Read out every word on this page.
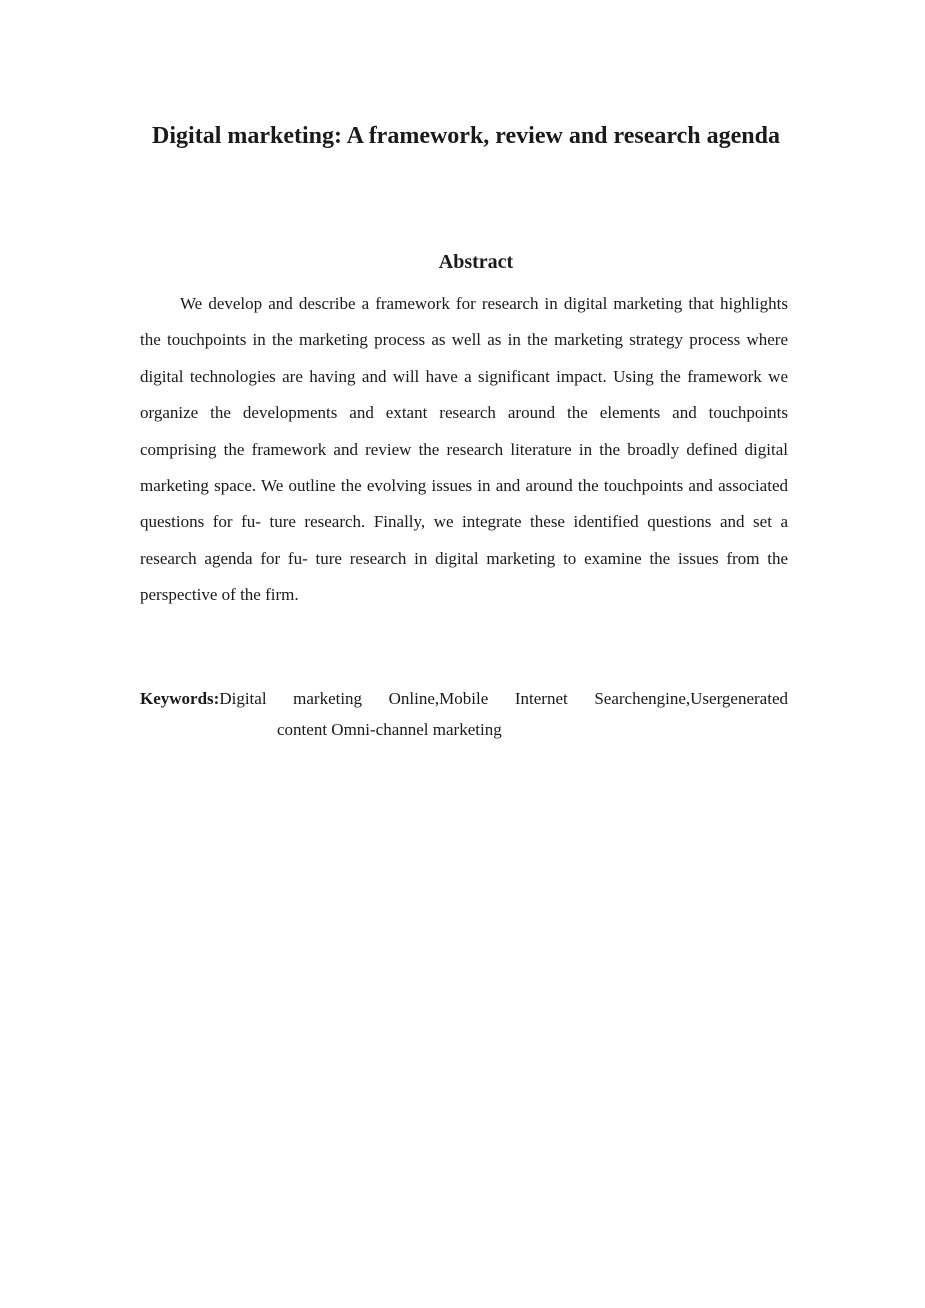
Digital marketing: A framework, review and research agenda
Abstract

We develop and describe a framework for research in digital marketing that highlights the touchpoints in the marketing process as well as in the marketing strategy process where digital technologies are having and will have a significant impact. Using the framework we organize the developments and extant research around the elements and touchpoints comprising the framework and review the research literature in the broadly defined digital marketing space. We outline the evolving issues in and around the touchpoints and associated questions for fu- ture research. Finally, we integrate these identified questions and set a research agenda for fu- ture research in digital marketing to examine the issues from the perspective of the firm.

Keywords: Digital marketing Online,Mobile Internet Searchengine,Usergenerated
content Omni-channel marketing
